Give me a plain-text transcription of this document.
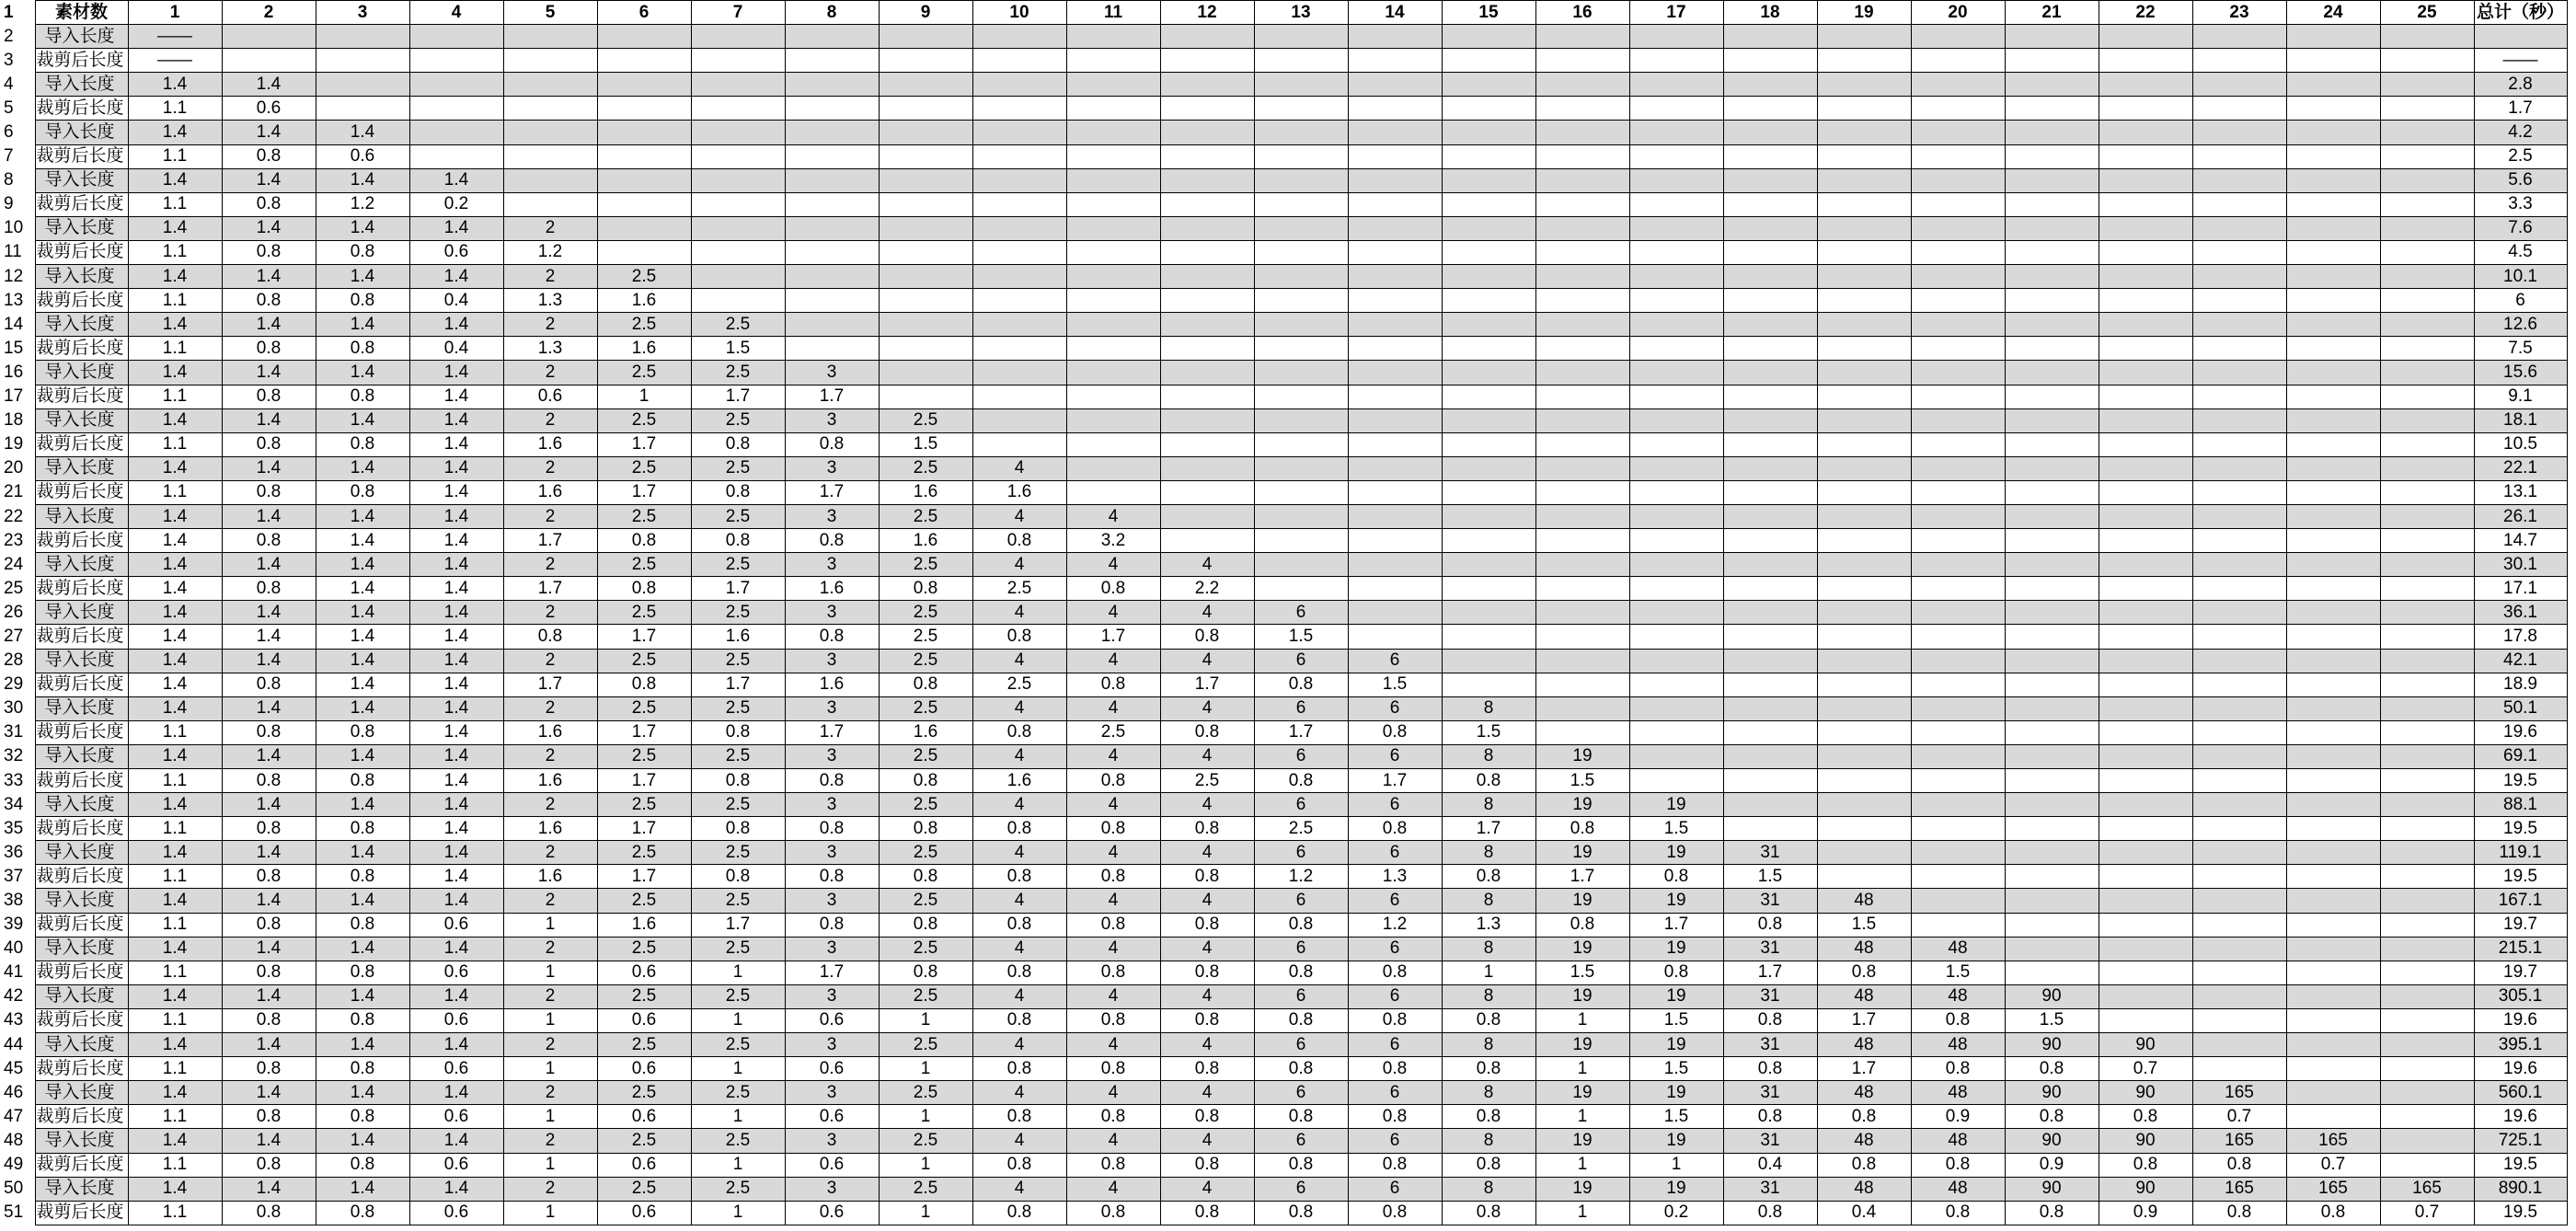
1	素材数	1	2	3	4	5	6	7	8	9	10	11	12	13	14	15	16	17	18	19	20	21	22	23	24	25	总计（秒）
2	导入长度	——																									
3	裁剪后长度	——																									——
4	导入长度	1.4	1.4																								2.8
5	裁剪后长度	1.1	0.6																								1.7
6	导入长度	1.4	1.4	1.4																							4.2
7	裁剪后长度	1.1	0.8	0.6																							2.5
8	导入长度	1.4	1.4	1.4	1.4																						5.6
9	裁剪后长度	1.1	0.8	1.2	0.2																						3.3
10	导入长度	1.4	1.4	1.4	1.4	2																					7.6
11	裁剪后长度	1.1	0.8	0.8	0.6	1.2																					4.5
12	导入长度	1.4	1.4	1.4	1.4	2	2.5																				10.1
13	裁剪后长度	1.1	0.8	0.8	0.4	1.3	1.6																				6
14	导入长度	1.4	1.4	1.4	1.4	2	2.5	2.5																			12.6
15	裁剪后长度	1.1	0.8	0.8	0.4	1.3	1.6	1.5																			7.5
16	导入长度	1.4	1.4	1.4	1.4	2	2.5	2.5	3																		15.6
17	裁剪后长度	1.1	0.8	0.8	1.4	0.6	1	1.7	1.7																		9.1
18	导入长度	1.4	1.4	1.4	1.4	2	2.5	2.5	3	2.5																	18.1
19	裁剪后长度	1.1	0.8	0.8	1.4	1.6	1.7	0.8	0.8	1.5																	10.5
20	导入长度	1.4	1.4	1.4	1.4	2	2.5	2.5	3	2.5	4																22.1
21	裁剪后长度	1.1	0.8	0.8	1.4	1.6	1.7	0.8	1.7	1.6	1.6																13.1
22	导入长度	1.4	1.4	1.4	1.4	2	2.5	2.5	3	2.5	4	4															26.1
23	裁剪后长度	1.4	0.8	1.4	1.4	1.7	0.8	0.8	0.8	1.6	0.8	3.2															14.7
24	导入长度	1.4	1.4	1.4	1.4	2	2.5	2.5	3	2.5	4	4	4														30.1
25	裁剪后长度	1.4	0.8	1.4	1.4	1.7	0.8	1.7	1.6	0.8	2.5	0.8	2.2														17.1
26	导入长度	1.4	1.4	1.4	1.4	2	2.5	2.5	3	2.5	4	4	4	6													36.1
27	裁剪后长度	1.4	1.4	1.4	1.4	0.8	1.7	1.6	0.8	2.5	0.8	1.7	0.8	1.5													17.8
28	导入长度	1.4	1.4	1.4	1.4	2	2.5	2.5	3	2.5	4	4	4	6	6												42.1
29	裁剪后长度	1.4	0.8	1.4	1.4	1.7	0.8	1.7	1.6	0.8	2.5	0.8	1.7	0.8	1.5												18.9
30	导入长度	1.4	1.4	1.4	1.4	2	2.5	2.5	3	2.5	4	4	4	6	6	8											50.1
31	裁剪后长度	1.1	0.8	0.8	1.4	1.6	1.7	0.8	1.7	1.6	0.8	2.5	0.8	1.7	0.8	1.5											19.6
32	导入长度	1.4	1.4	1.4	1.4	2	2.5	2.5	3	2.5	4	4	4	6	6	8	19										69.1
33	裁剪后长度	1.1	0.8	0.8	1.4	1.6	1.7	0.8	0.8	0.8	1.6	0.8	2.5	0.8	1.7	0.8	1.5										19.5
34	导入长度	1.4	1.4	1.4	1.4	2	2.5	2.5	3	2.5	4	4	4	6	6	8	19	19									88.1
35	裁剪后长度	1.1	0.8	0.8	1.4	1.6	1.7	0.8	0.8	0.8	0.8	0.8	0.8	2.5	0.8	1.7	0.8	1.5									19.5
36	导入长度	1.4	1.4	1.4	1.4	2	2.5	2.5	3	2.5	4	4	4	6	6	8	19	19	31								119.1
37	裁剪后长度	1.1	0.8	0.8	1.4	1.6	1.7	0.8	0.8	0.8	0.8	0.8	0.8	1.2	1.3	0.8	1.7	0.8	1.5								19.5
38	导入长度	1.4	1.4	1.4	1.4	2	2.5	2.5	3	2.5	4	4	4	6	6	8	19	19	31	48							167.1
39	裁剪后长度	1.1	0.8	0.8	0.6	1	1.6	1.7	0.8	0.8	0.8	0.8	0.8	0.8	1.2	1.3	0.8	1.7	0.8	1.5							19.7
40	导入长度	1.4	1.4	1.4	1.4	2	2.5	2.5	3	2.5	4	4	4	6	6	8	19	19	31	48	48						215.1
41	裁剪后长度	1.1	0.8	0.8	0.6	1	0.6	1	1.7	0.8	0.8	0.8	0.8	0.8	0.8	1	1.5	0.8	1.7	0.8	1.5						19.7
42	导入长度	1.4	1.4	1.4	1.4	2	2.5	2.5	3	2.5	4	4	4	6	6	8	19	19	31	48	48	90					305.1
43	裁剪后长度	1.1	0.8	0.8	0.6	1	0.6	1	0.6	1	0.8	0.8	0.8	0.8	0.8	0.8	1	1.5	0.8	1.7	0.8	1.5					19.6
44	导入长度	1.4	1.4	1.4	1.4	2	2.5	2.5	3	2.5	4	4	4	6	6	8	19	19	31	48	48	90	90				395.1
45	裁剪后长度	1.1	0.8	0.8	0.6	1	0.6	1	0.6	1	0.8	0.8	0.8	0.8	0.8	0.8	1	1.5	0.8	1.7	0.8	0.8	0.7				19.6
46	导入长度	1.4	1.4	1.4	1.4	2	2.5	2.5	3	2.5	4	4	4	6	6	8	19	19	31	48	48	90	90	165			560.1
47	裁剪后长度	1.1	0.8	0.8	0.6	1	0.6	1	0.6	1	0.8	0.8	0.8	0.8	0.8	0.8	1	1.5	0.8	0.8	0.9	0.8	0.8	0.7			19.6
48	导入长度	1.4	1.4	1.4	1.4	2	2.5	2.5	3	2.5	4	4	4	6	6	8	19	19	31	48	48	90	90	165	165		725.1
49	裁剪后长度	1.1	0.8	0.8	0.6	1	0.6	1	0.6	1	0.8	0.8	0.8	0.8	0.8	0.8	1	1	0.4	0.8	0.8	0.9	0.8	0.8	0.7		19.5
50	导入长度	1.4	1.4	1.4	1.4	2	2.5	2.5	3	2.5	4	4	4	6	6	8	19	19	31	48	48	90	90	165	165	165	890.1
51	裁剪后长度	1.1	0.8	0.8	0.6	1	0.6	1	0.6	1	0.8	0.8	0.8	0.8	0.8	0.8	1	0.2	0.8	0.4	0.8	0.8	0.9	0.8	0.8	0.7	19.5
